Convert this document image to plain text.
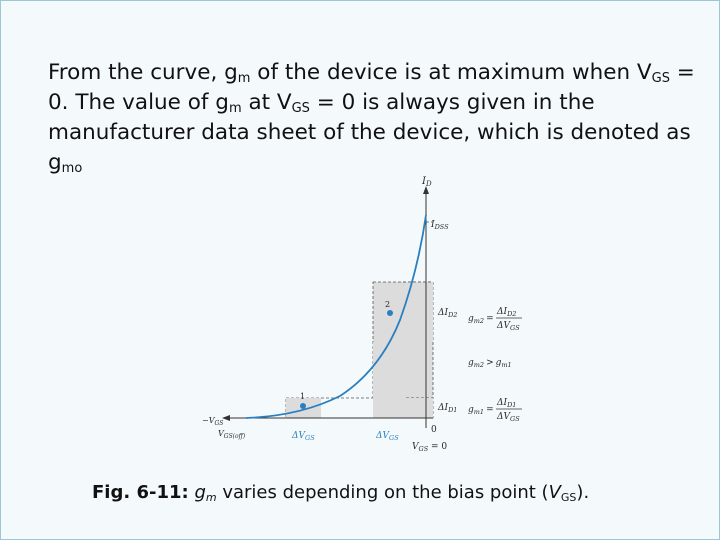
From the curve, $g_m$ of the device is at maximum when $V_{GS} = 0$. The value of $g_m$ at $V_{GS} = 0$ is always given in the manufacturer data sheet of the device, which is denoted as $g_{mo}$
$I_D$
$I_{DSS}$
1
2
$\Delta I_{D2}$
$\Delta I_{D1}$
$g_{m2}$ =
$\Delta I_{D2}$
$\Delta V_{GS}$
$g_{m2} > g_{m1}$
$g_{m1}$ =
$\Delta I_{D1}$
$\Delta V_{GS}$
$-V_{GS}$
$V_{GS(off)}$	$\Delta V_{GS}$	$\Delta V_{GS}$
0
$V_{GS} = 0$
Fig. 6-11: $g_m$ varies depending on the bias point $(V_{GS})$.
